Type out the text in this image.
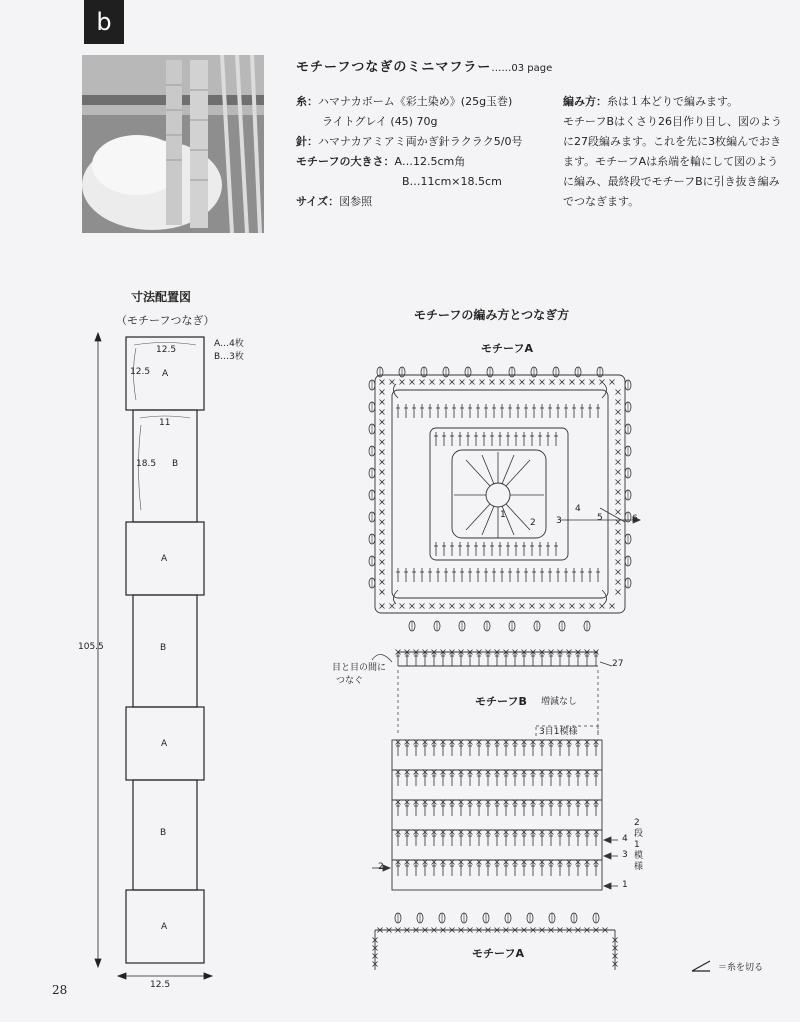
b
モチーフつなぎのミニマフラー……03 page
糸：ハマナカボーム《彩土染め》(25g玉巻)
ライトグレイ (45) 70g
針：ハマナカアミアミ両かぎ針ラクラク5/0号
モチーフの大きさ：A…12.5cm角
B…11cm×18.5cm
サイズ：図参照
編み方：糸は１本どりで編みます。
モチーフBはくさり26目作り目し、図のよう
に27段編みます。これを先に3枚編んでおき
ます。モチーフAは糸端を輪にして図のよう
に編み、最終段でモチーフBに引き抜き編み
でつなぎます。
寸法配置図
（モチーフつなぎ）
A…4枚
B…3枚
12.5
12.5 A
11
18.5 B
A
B
A
B
A
105.5
12.5
モチーフの編み方とつなぎ方
モチーフA
1
2 3
4
5	6
目と目の間に
つなぐ
27
モチーフB 増減なし
3目1模様
4
3
2
1
2段1模様
モチーフA
＝糸を切る
28
